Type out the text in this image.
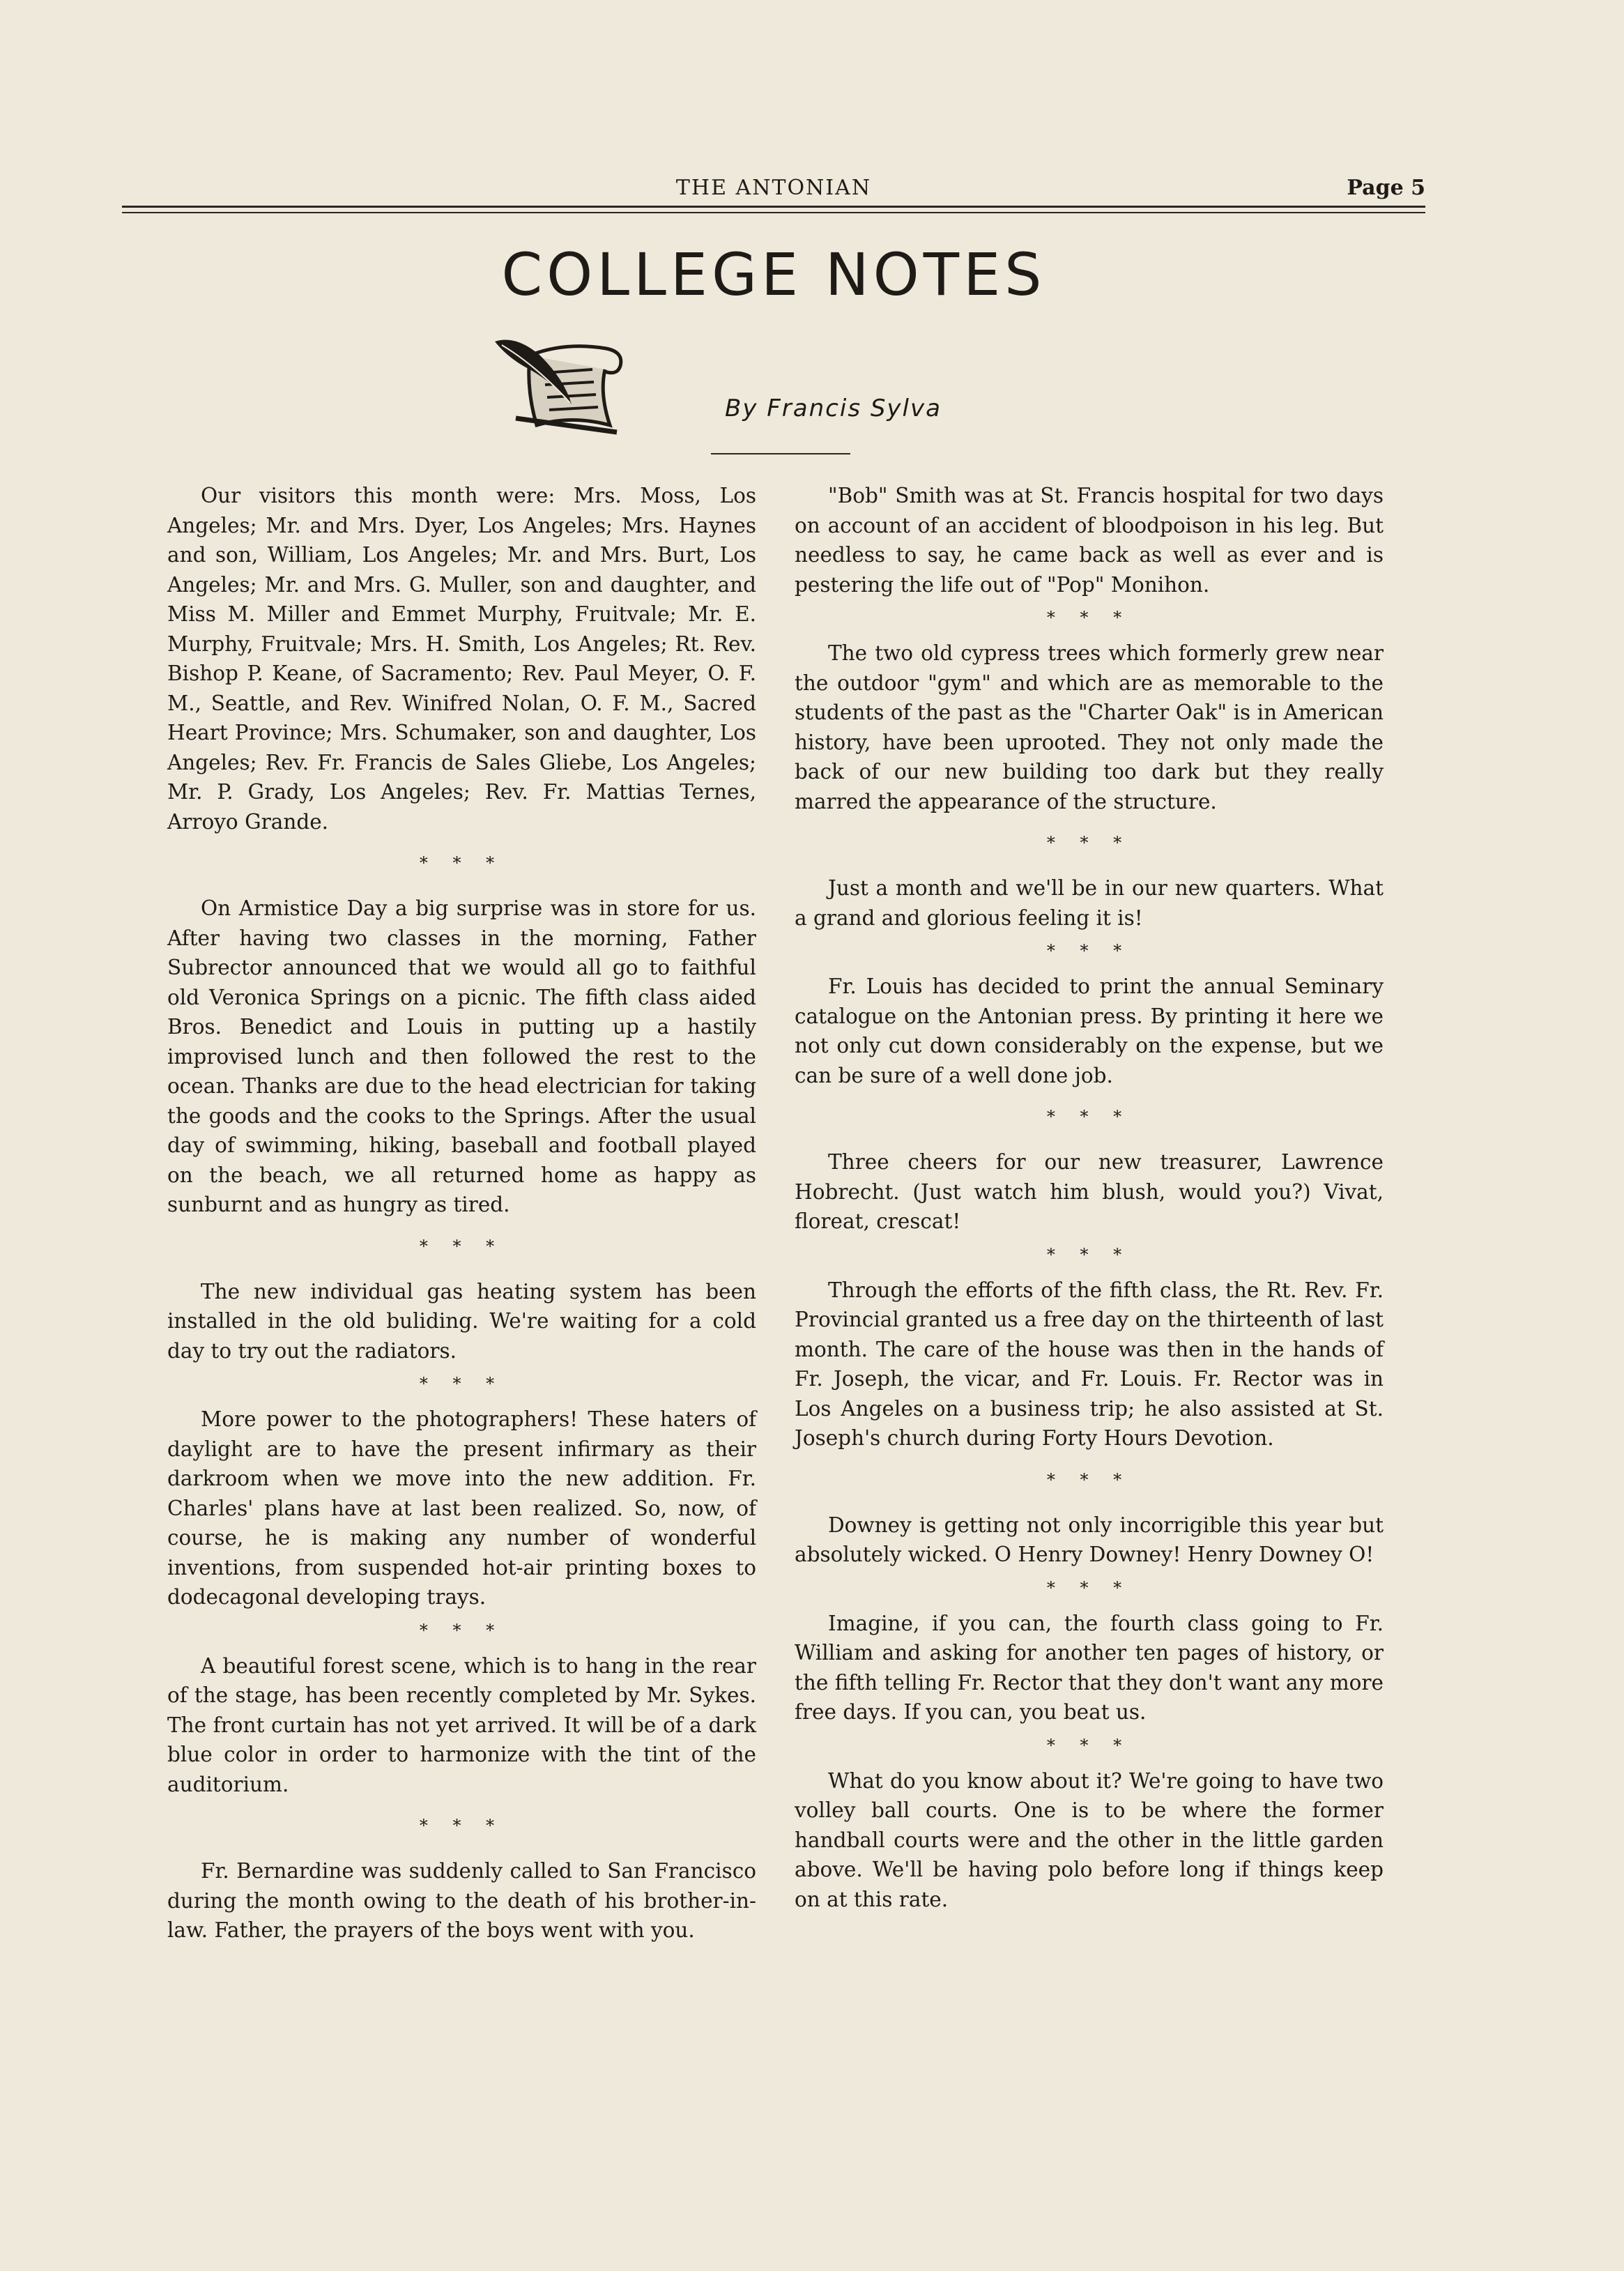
THE ANTONIAN	Page 5
COLLEGE NOTES
By Francis Sylva

Our visitors this month were: Mrs. Moss, Los Angeles; Mr. and Mrs. Dyer, Los Angeles; Mrs. Haynes and son, William, Los Angeles; Mr. and Mrs. Burt, Los Angeles; Mr. and Mrs. G. Muller, son and daughter, and Miss M. Miller and Emmet Murphy, Fruitvale; Mr. E. Murphy, Fruitvale; Mrs. H. Smith, Los Angeles; Rt. Rev. Bishop P. Keane, of Sacramento; Rev. Paul Meyer, O. F. M., Seattle, and Rev. Winifred Nolan, O. F. M., Sacred Heart Province; Mrs. Schumaker, son and daughter, Los Angeles; Rev. Fr. Francis de Sales Gliebe, Los Angeles; Mr. P. Grady, Los Angeles; Rev. Fr. Mattias Ternes, Arroyo Grande.

* * *

On Armistice Day a big surprise was in store for us. After having two classes in the morning, Father Subrector announced that we would all go to faithful old Veronica Springs on a picnic. The fifth class aided Bros. Benedict and Louis in putting up a hastily improvised lunch and then followed the rest to the ocean. Thanks are due to the head electrician for taking the goods and the cooks to the Springs. After the usual day of swimming, hiking, baseball and football played on the beach, we all returned home as happy as sunburnt and as hungry as tired.

* * *

The new individual gas heating system has been installed in the old buliding. We're waiting for a cold day to try out the radiators.

* * *

More power to the photographers! These haters of daylight are to have the present infirmary as their darkroom when we move into the new addition. Fr. Charles' plans have at last been realized. So, now, of course, he is making any number of wonderful inventions, from suspended hot-air printing boxes to dodecagonal developing trays.

* * *

A beautiful forest scene, which is to hang in the rear of the stage, has been recently completed by Mr. Sykes. The front curtain has not yet arrived. It will be of a dark blue color in order to harmonize with the tint of the auditorium.

* * *

Fr. Bernardine was suddenly called to San Francisco during the month owing to the death of his brother-in-law. Father, the prayers of the boys went with you.

"Bob" Smith was at St. Francis hospital for two days on account of an accident of bloodpoison in his leg. But needless to say, he came back as well as ever and is pestering the life out of "Pop" Monihon.

* * *

The two old cypress trees which formerly grew near the outdoor "gym" and which are as memorable to the students of the past as the "Charter Oak" is in American history, have been uprooted. They not only made the back of our new building too dark but they really marred the appearance of the structure.

* * *

Just a month and we'll be in our new quarters. What a grand and glorious feeling it is!

* * *

Fr. Louis has decided to print the annual Seminary catalogue on the Antonian press. By printing it here we not only cut down considerably on the expense, but we can be sure of a well done job.

* * *

Three cheers for our new treasurer, Lawrence Hobrecht. (Just watch him blush, would you?) Vivat, floreat, crescat!

* * *

Through the efforts of the fifth class, the Rt. Rev. Fr. Provincial granted us a free day on the thirteenth of last month. The care of the house was then in the hands of Fr. Joseph, the vicar, and Fr. Louis. Fr. Rector was in Los Angeles on a business trip; he also assisted at St. Joseph's church during Forty Hours Devotion.

* * *

Downey is getting not only incorrigible this year but absolutely wicked. O Henry Downey! Henry Downey O!

* * *

Imagine, if you can, the fourth class going to Fr. William and asking for another ten pages of history, or the fifth telling Fr. Rector that they don't want any more free days. If you can, you beat us.

* * *

What do you know about it? We're going to have two volley ball courts. One is to be where the former handball courts were and the other in the little garden above. We'll be having polo before long if things keep on at this rate.
